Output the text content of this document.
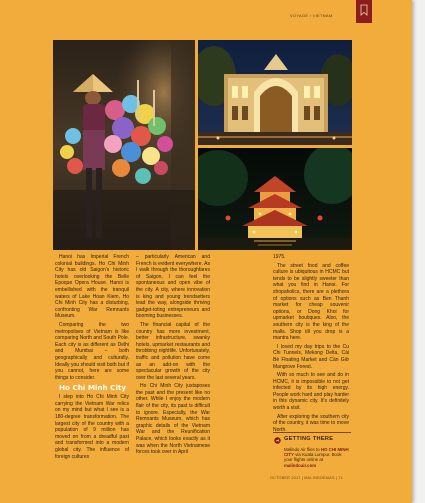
VOYAGE / VIETNAM

Hanoi has Imperial French colonial buildings. Ho Chi Minh City has old Saigon's historic hotels overlooking the Belle Epoque Opera House. Hanoi is embellished with the tranquil waters of Lake Hoan Kiem, Ho Chi Minh City has a disturbing, confronting War Remnants Museum.

Comparing the two metropolises of Vietnam is like comparing North and South Pole. Each city is as different as Delhi and Mumbai – both geographically and culturally. Ideally you should visit both but if you cannot, here are some things to consider.

Ho Chi Minh City

I step into Ho Chi Minh City carrying the Vietnam War relics on my mind but what I see is a 180-degree transformation. The largest city of the country with a population of 9 million has moved on from a dreadful past and transformed into a modern global city. The influence of foreign cultures

– particularly American and French is evident everywhere. As I walk through the thoroughfares of Saigon, I can feel the spontaneous and open vibe of the city. A city, where innovation is king and young trendsetters lead the way, alongside thriving gadget-toting entrepreneurs and booming businesses.

The financial capital of the country has more investment, better infrastructure, swanky hotels, upmarket restaurants and throbbing nightlife. Unfortunately, traffic and pollution have come as an add-on with the spectacular growth of the city over the last several years.

Ho Chi Minh City juxtaposes the past and the present like no other. While I enjoy the modern flair of the city, its past is difficult to ignore. Especially, the War Remnants Museum, which has graphic details of the Vietnam War and the Reunification Palace, which looks exactly as it was when the North Vietnamese forces took over in April

1975.

The street food and coffee culture is ubiquitous in HCMC but tends to be slightly sweeter than what you find in Hanoi. For shopaholics, there are a plethora of options such as Ben Thanh market for cheap souvenir options, or Dong Khoi for upmarket boutiques. Also, the southern city is the king of the malls. Shop till you drop is a mantra here.

I loved my day trips to the Cu Chi Tunnels, Mekong Delta, Cái Bè Floating Market and Cần Giờ Mangrove Forest.

With so much to see and do in HCMC, it is impossible to not get infected by its high energy. People work hard and play harder in this dynamic city. It's definitely worth a visit.

After exploring the southern city of the country, it was time to move North.

GETTING THERE
Malindo Air flies to HO CHI MINH CITY via Kuala Lumpur. Book your flights online at malindoair.com
OCTOBER 2017 | MALINDOEMAS | 71
